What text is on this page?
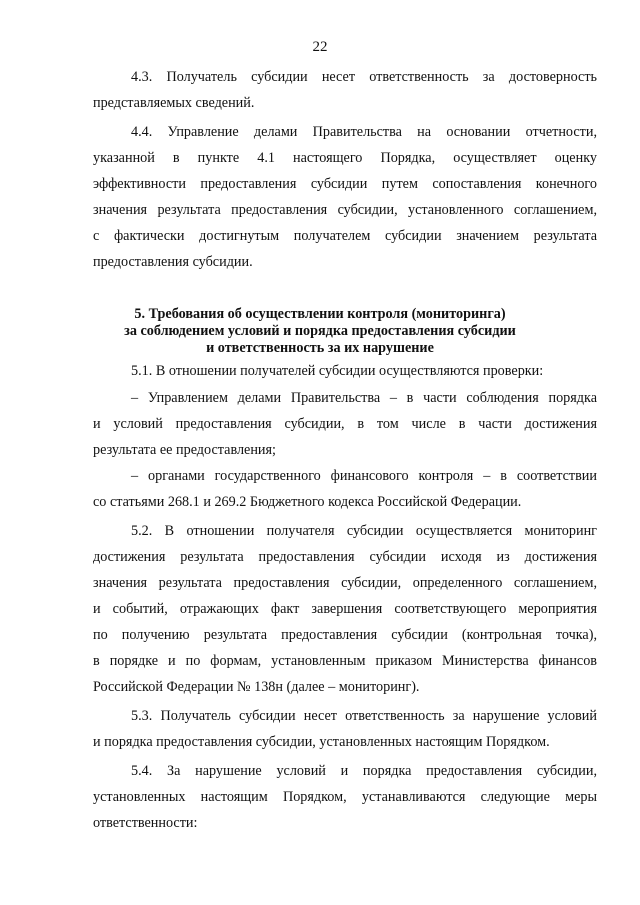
22
4.3. Получатель субсидии несет ответственность за достоверность
представляемых сведений.
4.4. Управление делами Правительства на основании отчетности,
указанной в пункте 4.1 настоящего Порядка, осуществляет оценку
эффективности предоставления субсидии путем сопоставления конечного
значения результата предоставления субсидии, установленного соглашением,
с фактически достигнутым получателем субсидии значением результата
предоставления субсидии.
5. Требования об осуществлении контроля (мониторинга)
за соблюдением условий и порядка предоставления субсидии
и ответственность за их нарушение
5.1. В отношении получателей субсидии осуществляются проверки:
– Управлением делами Правительства – в части соблюдения порядка
и условий предоставления субсидии, в том числе в части достижения
результата ее предоставления;
– органами государственного финансового контроля – в соответствии
со статьями 268.1 и 269.2 Бюджетного кодекса Российской Федерации.
5.2. В отношении получателя субсидии осуществляется мониторинг
достижения результата предоставления субсидии исходя из достижения
значения результата предоставления субсидии, определенного соглашением,
и событий, отражающих факт завершения соответствующего мероприятия
по получению результата предоставления субсидии (контрольная точка),
в порядке и по формам, установленным приказом Министерства финансов
Российской Федерации № 138н (далее – мониторинг).
5.3. Получатель субсидии несет ответственность за нарушение условий
и порядка предоставления субсидии, установленных настоящим Порядком.
5.4. За нарушение условий и порядка предоставления субсидии,
установленных настоящим Порядком, устанавливаются следующие меры
ответственности:
